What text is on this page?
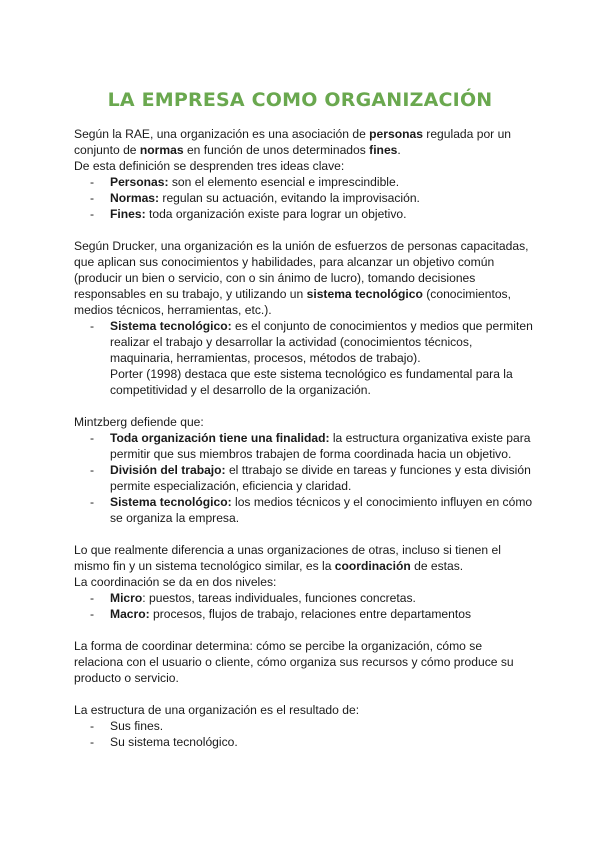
LA EMPRESA COMO ORGANIZACIÓN

Según la RAE, una organización es una asociación de personas regulada por un conjunto de normas en función de unos determinados fines.

De esta definición se desprenden tres ideas clave:

- Personas: son el elemento esencial e imprescindible.
- Normas: regulan su actuación, evitando la improvisación.
- Fines: toda organización existe para lograr un objetivo.

Según Drucker, una organización es la unión de esfuerzos de personas capacitadas, que aplican sus conocimientos y habilidades, para alcanzar un objetivo común (producir un bien o servicio, con o sin ánimo de lucro), tomando decisiones responsables en su trabajo, y utilizando un sistema tecnológico (conocimientos, medios técnicos, herramientas, etc.).

- Sistema tecnológico: es el conjunto de conocimientos y medios que permiten realizar el trabajo y desarrollar la actividad (conocimientos técnicos, maquinaria, herramientas, procesos, métodos de trabajo).
Porter (1998) destaca que este sistema tecnológico es fundamental para la competitividad y el desarrollo de la organización.

Mintzberg defiende que:

- Toda organización tiene una finalidad: la estructura organizativa existe para permitir que sus miembros trabajen de forma coordinada hacia un objetivo.
- División del trabajo: el ttrabajo se divide en tareas y funciones y esta división permite especialización, eficiencia y claridad.
- Sistema tecnológico: los medios técnicos y el conocimiento influyen en cómo se organiza la empresa.

Lo que realmente diferencia a unas organizaciones de otras, incluso si tienen el mismo fin y un sistema tecnológico similar, es la coordinación de estas.

La coordinación se da en dos niveles:

- Micro: puestos, tareas individuales, funciones concretas.
- Macro: procesos, flujos de trabajo, relaciones entre departamentos

La forma de coordinar determina: cómo se percibe la organización, cómo se relaciona con el usuario o cliente, cómo organiza sus recursos y cómo produce su producto o servicio.

La estructura de una organización es el resultado de:

- Sus fines.
- Su sistema tecnológico.
